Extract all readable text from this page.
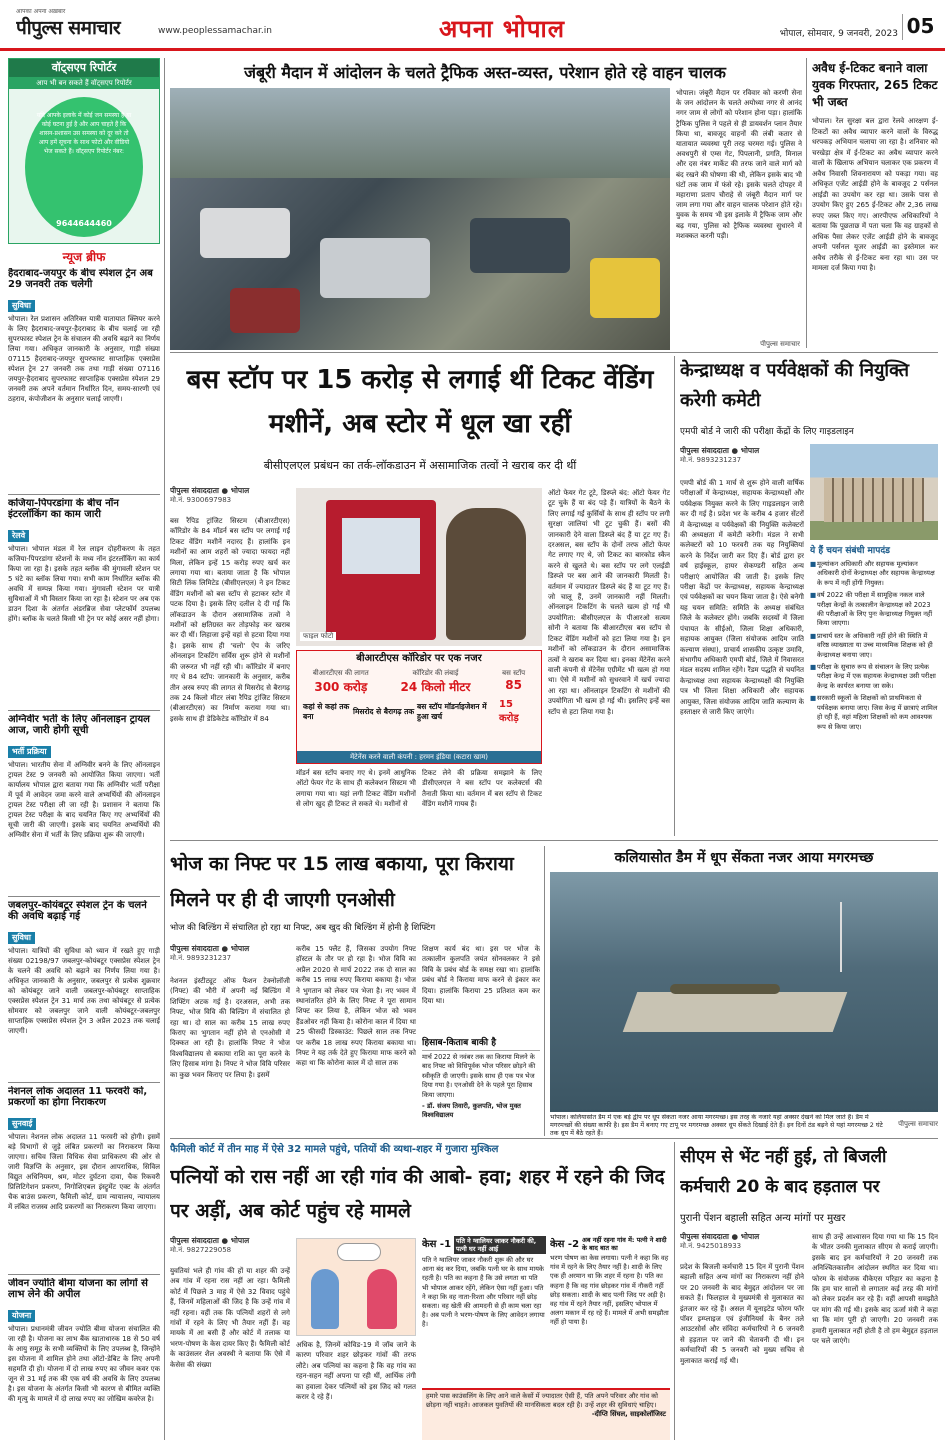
आपका अपना अख़बार
पीपुल्स समाचार	www.peoplessamachar.in	अपना भोपाल	भोपाल, सोमवार, 9 जनवरी, 2023 05
वॉट्सएप रिपोर्टर
आप भी बन सकते हैं वॉट्सएप रिपोर्टर
यदि आपके इलाके में कोई जन समस्या है या कोई घटना हुई है और आप चाहते हैं कि शासन-प्रशासन उस समस्या को दूर करे तो आप हमें सूचना के साथ फोटो और वीडियो भेज सकते हैं। वॉट्सएप रिपोर्टर नंबर:
9644644460
न्यूज ब्रीफ
हैदराबाद-जयपुर के बीच स्पेशल ट्रेन अब 29 जनवरी तक चलेगी
सुविधा
भोपाल। रेल प्रशासन अतिरिक्त यात्री यातायात क्लियर करने के लिए हैदराबाद-जयपुर-हैदराबाद के बीच चलाई जा रही सुपरफास्ट स्पेशल ट्रेन के संचालन की अवधि बढ़ाने का निर्णय लिया गया। अधिकृत जानकारी के अनुसार, गाड़ी संख्या 07115 हैदराबाद-जयपुर सुपरफास्ट साप्ताहिक एक्सप्रेस स्पेशल ट्रेन 27 जनवरी तक तथा गाड़ी संख्या 07116 जयपुर-हैदराबाद सुपरफास्ट साप्ताहिक एक्सप्रेस स्पेशल 29 जनवरी तक अपने वर्तमान निर्धारित दिन, समय-सारणी एवं ठहराव, कंपोजीशन के अनुसार चलाई जाएगी।
कजिया-पिपरडांगा के बीच नॉन इंटरलॉकिंग का काम जारी
रेलवे
भोपाल। भोपाल मंडल में रेल लाइन दोहरीकरण के तहत कजिया-पिपरडांगा स्टेशनों के मध्य नॉन इंटरलॉकिंग का कार्य किया जा रहा है। इसके तहत ब्लॉक की मुंगावली स्टेशन पर 5 घंटे का ब्लॉक लिया गया। सभी काम निर्धारित ब्लॉक की अवधि में सम्पन्न किया गया। मुंगावली स्टेशन पर यात्री सुविधाओं में भी विस्तार किया जा रहा है। स्टेशन पर अब एक डाउन दिशा के अंतर्गत अंडरब्रिज सेवा प्लेटफॉर्म उपलब्ध होंगे। ब्लॉक के चलते किसी भी ट्रेन पर कोई असर नहीं होगा।
अग्निवीर भर्ती के लिए ऑनलाइन ट्रायल आज, जारी होगी सूची
भर्ती प्रक्रिया
भोपाल। भारतीय सेना में अग्निवीर बनने के लिए ऑनलाइन ट्रायल टेस्ट 9 जनवरी को आयोजित किया जाएगा। भर्ती कार्यालय भोपाल द्वारा बताया गया कि अग्निवीर भर्ती परीक्षा में पूर्व में आवेदन जमा करने वाले अभ्यर्थियों की ऑनलाइन ट्रायल टेस्ट परीक्षा ली जा रही है। प्रशासन ने बताया कि ट्रायल टेस्ट परीक्षा के बाद चयनित किए गए अभ्यर्थियों की सूची जारी की जाएगी। इसके बाद चयनित अभ्यर्थियों की अग्निवीर सेना में भर्ती के लिए प्रक्रिया शुरू की जाएगी।
जबलपुर-कोयंबटूर स्पेशल ट्रेन के चलने की अवधि बढ़ाई गई
सुविधा
भोपाल। यात्रियों की सुविधा को ध्यान में रखते हुए गाड़ी संख्या 02198/97 जबलपुर-कोयंबटूर एक्सप्रेस स्पेशल ट्रेन के चलने की अवधि को बढ़ाने का निर्णय लिया गया है। अधिकृत जानकारी के अनुसार, जबलपुर से प्रत्येक शुक्रवार को कोयंबटूर जाने वाली जबलपुर-कोयंबटूर साप्ताहिक एक्सप्रेस स्पेशल ट्रेन 31 मार्च तक तथा कोयंबटूर से प्रत्येक सोमवार को जबलपुर जाने वाली कोयंबटूर-जबलपुर साप्ताहिक एक्सप्रेस स्पेशल ट्रेन 3 अप्रैल 2023 तक चलाई जाएगी।
नेशनल लोक अदालत 11 फरवरी को, प्रकरणों का होगा निराकरण
सुनवाई
भोपाल। नेशनल लोक अदालत 11 फरवरी को होगी। इसमें बड़े विभागों से जुड़े लंबित प्रकरणों का निराकरण किया जाएगा। सचिव जिला विधिक सेवा प्राधिकरण की ओर से जारी विज्ञप्ति के अनुसार, इस दौरान आपराधिक, सिविल विद्युत अधिनियम, श्रम, मोटर दुर्घटना दावा, चैक रिकवरी प्रिलिटिगेशन प्रकरण, निगोशिएबल इंस्ट्रूमेंट एक्ट के अंतर्गत चैक बाउंस प्रकरण, फैमिली कोर्ट, ग्राम न्यायालय, न्यायालय में लंबित राजस्व आदि प्रकरणों का निराकरण किया जाएगा।
जीवन ज्योति बीमा योजना का लोगों से लाभ लेने की अपील
योजना
भोपाल। प्रधानमंत्री जीवन ज्योति बीमा योजना संचालित की जा रही है। योजना का लाभ बैंक खाताधारक 18 से 50 वर्ष के आयु समूह के सभी व्यक्तियों के लिए उपलब्ध है, जिन्होंने इस योजना में शामिल होने तथा ऑटो-डेबिट के लिए अपनी सहमति दी हो। योजना में दो लाख रुपए का जीवन कवर एक जून से 31 मई तक की एक वर्ष की अवधि के लिए उपलब्ध है। इस योजना के अंतर्गत किसी भी कारण से बीमित व्यक्ति की मृत्यु के मामले में दो लाख रुपए का जोखिम कवरेज है।
जंबूरी मैदान में आंदोलन के चलते ट्रैफिक अस्त-व्यस्त, परेशान होते रहे वाहन चालक
भोपाल। जंबूरी मैदान पर रविवार को करणी सेना के जन आंदोलन के चलते अयोध्या नगर से आनंद नगर जाम से लोगों को परेशान होना पड़ा। हालांकि ट्रैफिक पुलिस ने पहले से ही डायवर्शन प्लान तैयार किया था, बावजूद वाहनों की लंबी कतार से यातायात व्यवस्था पूरी तरह चरमरा गई। पुलिस ने अवधपुरी से एम्स गेट, पिपलानी, प्रगति, मिनाल और दस नंबर मार्केट की तरफ जाने वाले मार्ग को बंद रखने की घोषणा की थी, लेकिन इसके बाद भी घंटों तक जाम में फंसे रहे। इसके चलते दोपहर में महाराणा प्रताप चौराहे से जंबूरी मैदान मार्ग पर जाम लगा गया और वाहन चालक परेशान होते रहे। युवक के समय भी इस इलाके में ट्रैफिक जाम और बढ़ गया, पुलिस को ट्रैफिक व्यवस्था सुधारने में मशक्कत करनी पड़ी।
पीपुल्स समाचार
अवैध ई-टिकट बनाने वाला युवक गिरफ्तार, 265 टिकट भी जब्त
भोपाल। रेल सुरक्षा बल द्वारा रेलवे आरक्षण ई-टिकटों का अवैध व्यापार करने वालों के विरुद्ध धरपकड़ अभियान चलाया जा रहा है। शनिवार को चरखेड़ा क्षेत्र में ई-टिकट का अवैध व्यापार करने वालों के खिलाफ अभियान चलाकर एक प्रकरण में अवैध निवासी शिवनारायण को पकड़ा गया। वह अधिकृत एजेंट आईडी होने के बावजूद 2 पर्सनल आईडी का उपयोग कर रहा था। उसके पास से उपयोग किए हुए 265 ई-टिकट और 2,36 लाख रुपए जब्त किए गए। आरपीएफ अधिकारियों ने बताया कि पूछताछ में पता चला कि वह ग्राहकों से अधिक पैसा लेकर एजेंट आईडी होने के बावजूद अपनी पर्सनल यूजर आईडी का इस्तेमाल कर अवैध तरीके से ई-टिकट बना रहा था। उस पर मामला दर्ज किया गया है।
बस स्टॉप पर 15 करोड़ से लगाई थीं टिकट वेंडिंग मशीनें, अब स्टोर में धूल खा रहीं
बीसीएलएल प्रबंधन का तर्क-लॉकडाउन में असामाजिक तत्वों ने खराब कर दी थीं
पीपुल्स संवाददाता ● भोपाल
मो.नं. 9300697983
फाइल फोटो
बीआरटीएस कॉरिडोर पर एक नजर
बीआरटीएस की लागत
300 करोड़
कॉरिडोर की लंबाई
24 किलो मीटर
बस स्टॉप
85
कहां से कहां तक बना
मिसरोद से बैरागढ़ तक
बस स्टॉप मॉडर्नाइजेशन में हुआ खर्च
15 करोड़
मेंटेनेंस करने वाली कंपनी : हरमन इंडिया (कटारा खाम)
बस रैपिड ट्रांजिट सिस्टम (बीआरटीएस) कॉरिडोर के 84 मॉडर्न बस स्टॉप पर लगाई गईं टिकट वेंडिंग मशीनें नदारद हैं। हालांकि इन मशीनों का आम शहरों को ज्यादा फायदा नहीं मिला, लेकिन इन्हें 15 करोड़ रुपए खर्च कर लगाया गया था। बताया जाता है कि भोपाल सिटी लिंक लिमिटेड (बीसीएलएल) ने इन टिकट वेंडिंग मशीनों को बस स्टॉप से हटाकर स्टोर में पटक दिया है। इसके लिए दलील दे दी गई कि लॉकडाउन के दौरान असामाजिक तत्वों ने मशीनों को क्षतिग्रस्त कर तोड़फोड़ कर खराब कर दी थीं। लिहाजा इन्हें वहां से हटवा दिया गया है। इसके साथ ही 'चलो' ऐप के जरिए ऑनलाइन टिकटिंग सर्विस शुरू होने से मशीनों की जरूरत भी नहीं रही थी। कॉरिडोर में बनाए गए थे 84 स्टॉप: जानकारी के अनुसार, करीब तीन अरब रुपए की लागत से मिसरोद से बैरागढ़ तक 24 किलो मीटर लंबा रैपिड ट्रांजिट सिस्टम (बीआरटीएस) का निर्माण कराया गया था। इसके साथ ही डेडिकेटेड कॉरिडोर में 84
मॉडर्न बस स्टॉप बनाए गए थे। इनमें आधुनिक ऑटो फेयर गेट के साथ ही कलेक्शन सिस्टम भी लगाया गया था। यहां लगी टिकट वेंडिंग मशीनों से लोग खुद ही टिकट ले सकते थे। मशीनों से
टिकट लेने की प्रक्रिया समझाने के लिए डीसीएलएल ने बस स्टॉप पर कलेक्टर्स की तैनाती किया था। वर्तमान में बस स्टॉप से टिकट वेंडिंग मशीनें गायब हैं।
ऑटो फेयर गेट टूटे, डिस्प्ले बंद: ऑटो फेयर गेट टूट चुके हैं या बंद पड़े हैं। यात्रियों के बैठने के लिए लगाई गईं कुर्सियों के साथ ही स्टॉप पर लगी सुरक्षा जालियां भी टूट चुकी हैं। बसों की जानकारी देने वाला डिस्प्ले बंद हैं या टूट गए हैं। दरअसल, बस स्टॉप के दोनों तरफ ऑटो फेयर गेट लगाए गए थे, जो टिकट का बारकोड स्कैन करने से खुलते थे। बस स्टॉप पर लगे एलईडी डिस्प्ले पर बस आने की जानकारी मिलती है। वर्तमान में ज्यादातर डिस्प्ले बंद हैं या टूट गए हैं। जो चालू हैं, उनमें जानकारी नहीं मिलती। ऑनलाइन टिकटिंग के चलते खत्म हो गई थी उपयोगिता: बीसीएलएल के पीआरओ सत्यम सोनी ने बताया कि बीआरटीएस बस स्टॉप से टिकट वेंडिंग मशीनों को हटा लिया गया है। इन मशीनों को लॉकडाउन के दौरान असामाजिक तत्वों ने खराब कर दिया था। इनका मेंटेनेंस करने वाली कंपनी से मेंटेनेंस एग्रीमेंट भी खत्म हो गया था। ऐसे में मशीनों को सुधरवाने में खर्च ज्यादा आ रहा था। ऑनलाइन टिकटिंग से मशीनों की उपयोगिता भी खत्म हो गई थी। इसलिए इन्हें बस स्टॉप से हटा लिया गया है।
केन्द्राध्यक्ष व पर्यवेक्षकों की नियुक्ति करेगी कमेटी
एमपी बोर्ड ने जारी की परीक्षा केंद्रों के लिए गाइडलाइन
पीपुल्स संवाददाता ● भोपाल
मो.नं. 9893231237
एमपी बोर्ड की 1 मार्च से शुरू होने वाली वार्षिक परीक्षाओं में केन्द्राध्यक्ष, सहायक केन्द्राध्यक्षों और पर्यवेक्षक नियुक्त करने के लिए गाइडलाइन जारी कर दी गई है। प्रदेश भर के करीब 4 हजार सेंटरों में केन्द्राध्यक्ष व पर्यवेक्षकों की नियुक्ति कलेक्टरों की अध्यक्षता में कमेटी करेगी। मंडल ने सभी कलेक्टरों को 10 फरवरी तक यह नियुक्तियां करने के निर्देश जारी कर दिए हैं। बोर्ड द्वारा हर वर्ष हाईस्कूल, हायर सेकण्डरी सहित अन्य परीक्षाएं आयोजित की जाती हैं। इसके लिए परीक्षा केंद्रों पर केन्द्राध्यक्ष, सहायक केन्द्राध्यक्ष एवं पर्यवेक्षकों का चयन किया जाता है। ऐसे बनेगी यह चयन समिति: समिति के अध्यक्ष संबंधित जिले के कलेक्टर होंगे। जबकि सदस्यों में जिला पंचायत के सीईओ, जिला शिक्षा अधिकारी, सहायक आयुक्त (जिला संयोजक आदिम जाति कल्याण संस्था), प्राचार्य शासकीय उत्कृष्ट उमावि, संभागीय अधिकारी एमपी बोर्ड, जिले में निवासरत मंडल सदस्य शामिल रहेंगे। रैंडम पद्धति से चयनित केन्द्राध्यक्ष तथा सहायक केन्द्राध्यक्षों की नियुक्ति पत्र भी जिला शिक्षा अधिकारी और सहायक आयुक्त, जिला संयोजक आदिम जाति कल्याण के हस्ताक्षर से जारी किए जाएंगे।
ये हैं चयन संबंधी मापदंड
■ मूल्यांकन अधिकारी और सहायक मूल्यांकन अधिकारी दोनों केन्द्राध्यक्ष और सहायक केन्द्राध्यक्ष के रूप में नहीं होंगी नियुक्त।
■ वर्ष 2022 की परीक्षा में सामूहिक नकल वाले परीक्षा केन्द्रों के तत्कालीन केन्द्राध्यक्ष को 2023 की परीक्षाओं के लिए पुनः केन्द्राध्यक्ष नियुक्त नहीं किया जाएगा।
■ प्राचार्य स्तर के अधिकारी नहीं होने की स्थिति में वरिष्ठ व्याख्याता या उच्च माध्यमिक शिक्षक को ही केन्द्राध्यक्ष बनाया जाए।
■ परीक्षा के सुचारु रूप से संचालन के लिए प्रत्येक परीक्षा केन्द्र में एक सहायक केन्द्राध्यक्ष उसी परीक्षा केन्द्र के कार्यरत बनाया जा सके।
■ सरकारी स्कूलों के शिक्षकों को प्राथमिकता से पर्यवेक्षक बनाया जाए। जिस केन्द्र में छात्राएं शामिल हो रही हैं, वहां महिला शिक्षकों को कम आवश्यक रूप से किया जाए।
भोज का निफ्ट पर 15 लाख बकाया, पूरा किराया मिलने पर ही दी जाएगी एनओसी
भोज की बिल्डिंग में संचालित हो रहा था निफ्ट, अब खुद की बिल्डिंग में होनी है शिफ्टिंग
पीपुल्स संवाददाता ● भोपाल
मो.नं. 9893231237
नेशनल इंस्टीट्यूट ऑफ फैशन टेक्नोलॉजी (निफ्ट) की भौरी में अपनी नई बिल्डिंग में शिफ्टिंग अटक गई है। दरअसल, अभी तक निफ्ट, भोज विवि की बिल्डिंग में संचालित हो रहा था। दो साल का करीब 15 लाख रुपए किराए का भुगतान नहीं होने से एनओसी में दिक्कत आ रही है। हालांकि निफ्ट ने भोज विश्वविद्यालय से बकाया राशि का पूरा करने के लिए हिसाब मांगा है। निफ्ट ने भोज विवि परिसर का कुछ भवन किराए पर लिया है। इसमें
करीब 15 फ्लैट हैं, जिसका उपयोग निफ्ट हॉस्टल के तौर पर हो रहा है। भोज विवि का अप्रैल 2020 से मार्च 2022 तक दो साल का करीब 15 लाख रुपए किराया बकाया है। भोज ने भुगतान को लेकर पत्र भेजा है। नए भवन में स्थानांतरित होने के लिए निफ्ट ने पूरा सामान शिफ्ट कर लिया है, लेकिन भोज को भवन हैंडओवर नहीं किया है। कोरोना काल में दिया था 25 फीसदी डिस्काउंट: पिछले साल तक निफ्ट पर करीब 18 लाख रुपए किराया बकाया था। निफ्ट ने यह तर्क देते हुए किराया माफ करने को कहा था कि कोरोना काल में दो साल तक
शिक्षण कार्य बंद था। इस पर भोज के तत्कालीन कुलपति जयंत सोनवलकर ने इसे विवि के प्रबंध बोर्ड के समक्ष रखा था। हालांकि प्रबंध बोर्ड ने किराया माफ करने से इंकार कर दिया। हालांकि किराया 25 प्रतिशत कम कर दिया था।
हिसाब-किताब बाकी है
मार्च 2022 से नवंबर तक का किराया मिलने के बाद निफ्ट को विधिपूर्वक भोज परिसर छोड़ने की स्वीकृति दी जाएगी। इसके साथ ही एक पत्र भेज दिया गया है। एनओसी देने के पहले पूरा हिसाब किया जाएगा।
- डॉ. संजय तिवारी, कुलपति, भोज मुक्त विश्वविद्यालय
कलियासोत डैम में धूप सेंकता नजर आया मगरमच्छ
भोपाल। कलियासोत डैम में एक बड़े द्वीप पर धूप सेंकता नजर आया मगरमच्छ। इस तरह के नजारे यहां अक्सर देखने को मिल जाते हैं। डैम में मगरमच्छों की संख्या काफी है। इस डैम में बनाए गए टापू पर मगरमच्छ अक्सर धूप सेंकते दिखाई देते हैं। इन दिनों ठंड बढ़ने से यहां मगरमच्छ 2 घंटे तक धूप में बैठे रहते हैं।
पीपुल्स समाचार
फैमिली कोर्ट में तीन माह में ऐसे 32 मामले पहुंचे, पतियों की व्यथा-शहर में गुजारा मुश्किल
पत्नियों को रास नहीं आ रही गांव की आबो- हवा; शहर में रहने की जिद पर अड़ीं, अब कोर्ट पहुंच रहे मामले
पीपुल्स संवाददाता ● भोपाल
मो.नं. 9827229058
युवतियां भले ही गांव की हों या शहर की उन्हें अब गांव में रहना रास नहीं आ रहा। फैमिली कोर्ट में पिछले 3 माह में ऐसे 32 विवाद पहुंचे हैं, जिनमें महिलाओं की जिद है कि उन्हें गांव में नहीं रहना। वहीं तक कि पत्नियों शहरों से लगे गांवों में रहने के लिए भी तैयार नहीं हैं। वह मायके में आ बसी हैं और कोर्ट में तलाक या भरण-पोषण के केस दायर किए हैं। फैमिली कोर्ट के काउंसलर शैल अवस्थी ने बताया कि ऐसे में केसेस की संख्या
अधिक है, जिनमें कोविड-19 में जॉब जाने के कारण परिवार शहर छोड़कर गांवों की तरफ लौटे। अब पत्नियां का कहना है कि वह गांव का रहन-सहन नहीं अपना पा रही थीं, आर्थिक तंगी का हवाला देकर पत्नियों को इस जिद को गलत करार दे रहे हैं।
केस -1 पति ने ग्वालियर जाकर नौकरी की, पत्नी घर नहीं आई
पति ने ग्वालियर जाकर नौकरी शुरू की और घर आना बंद कर दिया, जबकि पत्नी घर के साथ मायके रहती है। पति का कहना है कि उसे लगता था पति भी भोपाल आकर रहेंगे, लेकिन ऐसा नहीं हुआ। पति ने कहा कि वह नाता-रिश्ता और परिवार नहीं छोड़ सकता। वह खेती की आमदनी से ही काम चला रहा है। अब पत्नी ने भरण-पोषण के लिए आवेदन लगाया है।
केस -2 अब नहीं रहना गांव में: पत्नी ने शादी के बाद बात का
भरण पोषण का केस लगाया। पत्नी ने कहा कि वह गांव में रहने के लिए तैयार नहीं है। शादी के लिए एक ही अरमान था कि शहर में रहना है। पति का कहना है कि वह गांव छोड़कर गांव में नौकरी नहीं छोड़ सकता। शादी के बाद पत्नी जिद पर अड़ी है। वह गांव में रहने तैयार नहीं, इसलिए भोपाल में अलग मकान में रह रहे हैं। मामले में अभी समझौता नहीं हो पाया है।
हमारे पास काउंसलिंग के लिए आने वाले केसों में ज्यादातर ऐसी हैं, पति अपने परिवार और गांव को छोड़ना नहीं चाहते। आजकल युवतियों की मानसिकता बदल रही है। उन्हें शहर की सुविधाएं चाहिए।
-दीप्ति सिंघल, साइकोलॉजिस्ट
सीएम से भेंट नहीं हुई, तो बिजली कर्मचारी 20 के बाद हड़ताल पर
पुरानी पेंशन बहाली सहित अन्य मांगों पर मुखर
पीपुल्स संवाददाता ● भोपाल
मो.नं. 9425018933
प्रदेश के बिजली कर्मचारी 15 दिन में पुरानी पेंशन बहाली सहित अन्य मांगों का निराकरण नहीं होने पर 20 जनवरी के बाद बेमुद्दत आंदोलन पर जा सकते हैं। फिलहाल वे मुख्यमंत्री से मुलाकात का इंतजार कर रहे हैं। असल में यूनाइटेड फोरम फॉर पॉवर इम्प्लाइज एवं इंजीनियर्स के बैनर तले आउटसोर्स और संविदा कर्मचारियों ने 6 जनवरी से हड़ताल पर जाने की चेतावनी दी थी। इन कर्मचारियों की 5 जनवरी को मुख्य सचिव से मुलाकात कराई गई थी।
साथ ही उन्हें आश्वासन दिया गया था कि 15 दिन के भीतर उनकी मुलाकात सीएम से कराई जाएगी। इसके बाद इन कर्मचारियों ने 20 जनवरी तक अनिश्चितकालीन आंदोलन स्थगित कर दिया था। फोरम के संयोजक वीकेएस परिहार का कहना है कि हम चार सालों से लगातार कई तरह की मांगों को लेकर प्रदर्शन कर रहे हैं। वहीं आपसी समझौते पर मांग की गई थी। इसके बाद ऊर्जा मंत्री ने कहा था कि मांग पूरी हो जाएगी। 20 जनवरी तक हमारी मुलाकात नहीं होती है तो हम बेमुद्दत हड़ताल पर चले जाएंगे।
